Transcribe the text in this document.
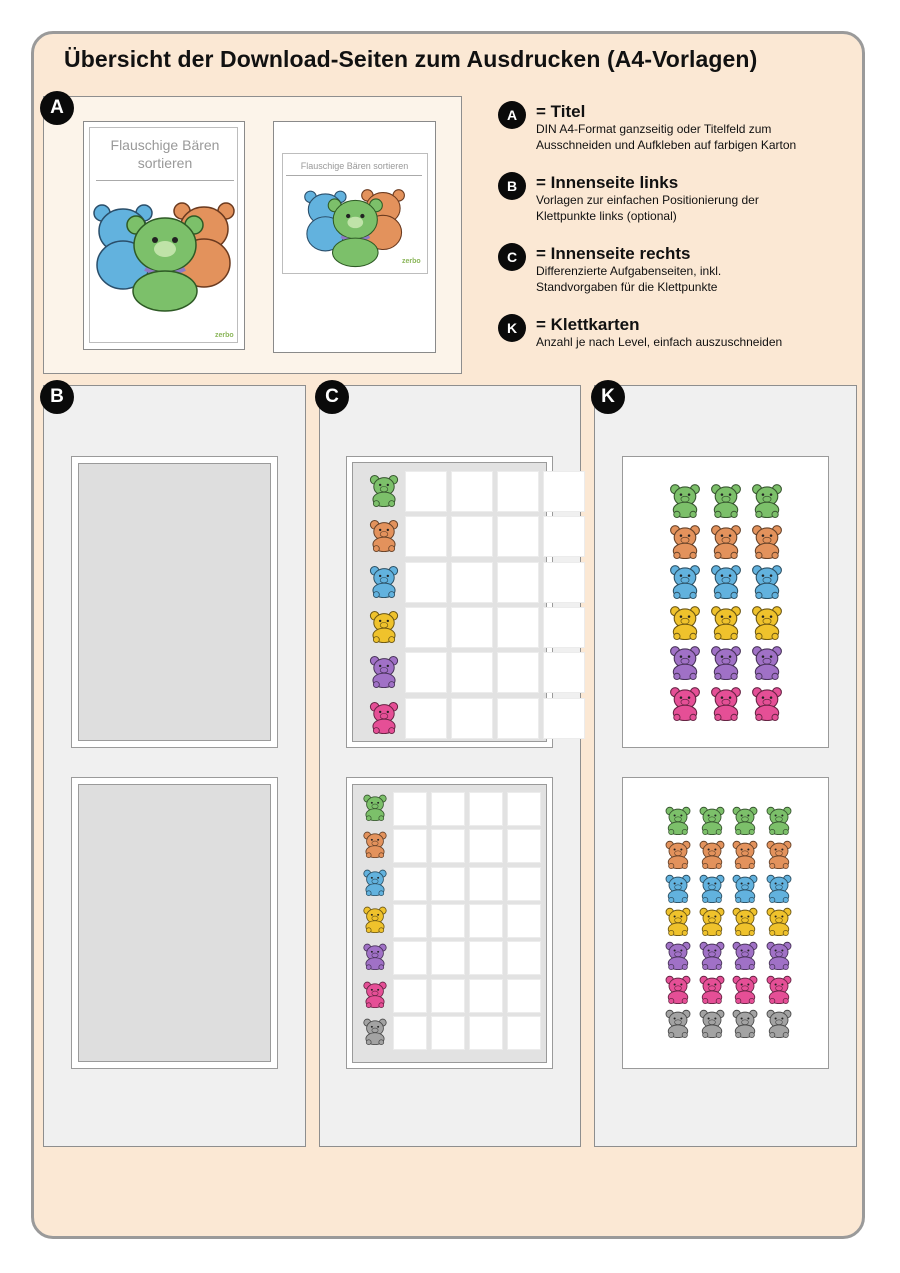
Übersicht der Download-Seiten zum Ausdrucken (A4-Vorlagen)
A
Flauschige Bären sortieren
zerbo
Flauschige Bären sortieren
zerbo
A	= Titel
DIN A4-Format ganzseitig oder Titelfeld zum Ausschneiden und Aufkleben auf farbigen Karton
B	= Innenseite links
Vorlagen zur einfachen Positionierung der Klettpunkte links (optional)
C	= Innenseite rechts
Differenzierte Aufgabenseiten, inkl. Standvorgaben für die Klettpunkte
K	= Klettkarten
Anzahl je nach Level, einfach auszuschneiden
B	C	K
